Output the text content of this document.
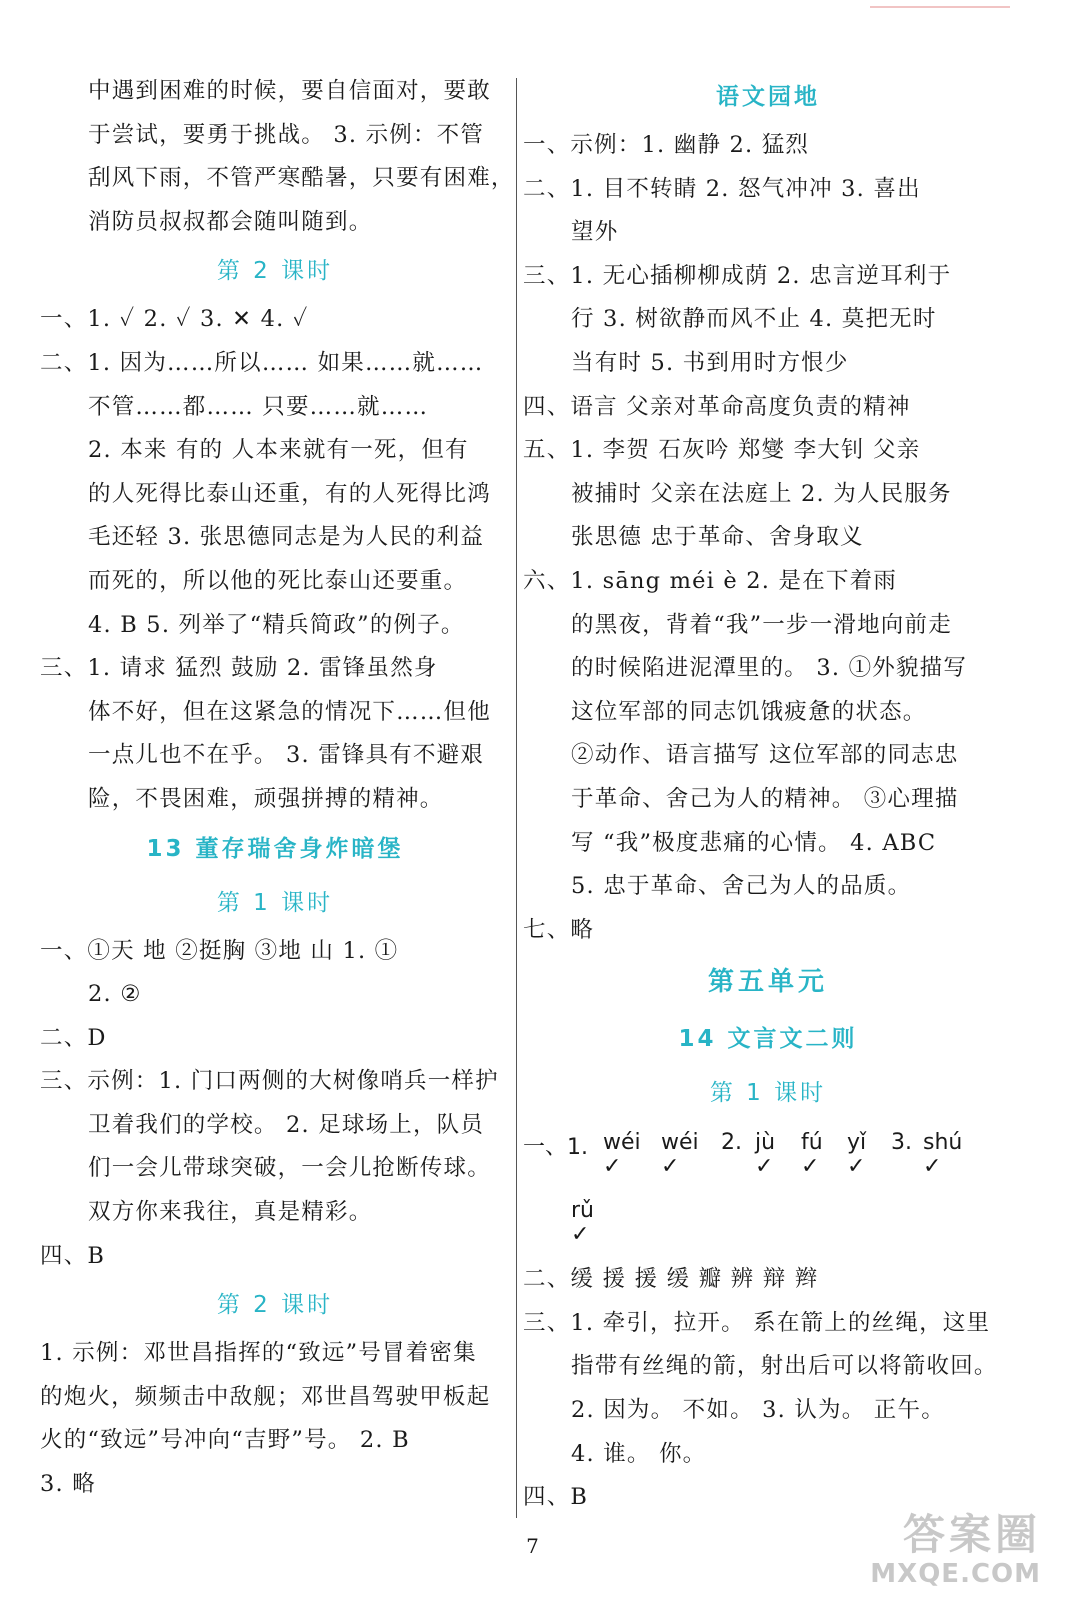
中遇到困难的时候，要自信面对，要敢
于尝试，要勇于挑战。 3. 示例：不管
刮风下雨，不管严寒酷暑，只要有困难，
消防员叔叔都会随叫随到。
第 2 课时
一、1. ✓ 2. ✓ 3. ✕ 4. ✓
二、1. 因为……所以…… 如果……就……
不管……都…… 只要……就……
2. 本来 有的 人本来就有一死，但有
的人死得比泰山还重，有的人死得比鸿
毛还轻 3. 张思德同志是为人民的利益
而死的，所以他的死比泰山还要重。
4. B 5. 列举了“精兵简政”的例子。
三、1. 请求 猛烈 鼓励 2. 雷锋虽然身
体不好，但在这紧急的情况下……但他
一点儿也不在乎。 3. 雷锋具有不避艰
险，不畏困难，顽强拼搏的精神。
13 董存瑞舍身炸暗堡
第 1 课时
一、①天 地 ②挺胸 ③地 山 1. ①
2. ②
二、D
三、示例：1. 门口两侧的大树像哨兵一样护
卫着我们的学校。 2. 足球场上，队员
们一会儿带球突破，一会儿抢断传球。
双方你来我往，真是精彩。
四、B
第 2 课时
1. 示例：邓世昌指挥的“致远”号冒着密集
的炮火，频频击中敌舰；邓世昌驾驶甲板起
火的“致远”号冲向“吉野”号。 2. B
3. 略
语文园地
一、示例：1. 幽静 2. 猛烈
二、1. 目不转睛 2. 怒气冲冲 3. 喜出
望外
三、1. 无心插柳柳成荫 2. 忠言逆耳利于
行 3. 树欲静而风不止 4. 莫把无时
当有时 5. 书到用时方恨少
四、语言 父亲对革命高度负责的精神
五、1. 李贺 石灰吟 郑燮 李大钊 父亲
被捕时 父亲在法庭上 2. 为人民服务
张思德 忠于革命、舍身取义
六、1. sāng méi è 2. 是在下着雨
的黑夜，背着“我”一步一滑地向前走
的时候陷进泥潭里的。 3. ①外貌描写
这位军部的同志饥饿疲惫的状态。
②动作、语言描写 这位军部的同志忠
于革命、舍己为人的精神。 ③心理描
写 “我”极度悲痛的心情。 4. ABC
5. 忠于革命、舍己为人的品质。
七、略
第五单元
14 文言文二则
第 1 课时
一、1. wéi
✓
wéi
✓
2. jù
✓
fú
✓
yǐ
✓
3. shú
✓
rǔ
✓
二、缓 援 援 缓 瓣 辨 辩 辫
三、1. 牵引，拉开。 系在箭上的丝绳，这里
指带有丝绳的箭，射出后可以将箭收回。
2. 因为。 不如。 3. 认为。 正午。
4. 谁。 你。
四、B
7	答案圈
MXQE.COM
